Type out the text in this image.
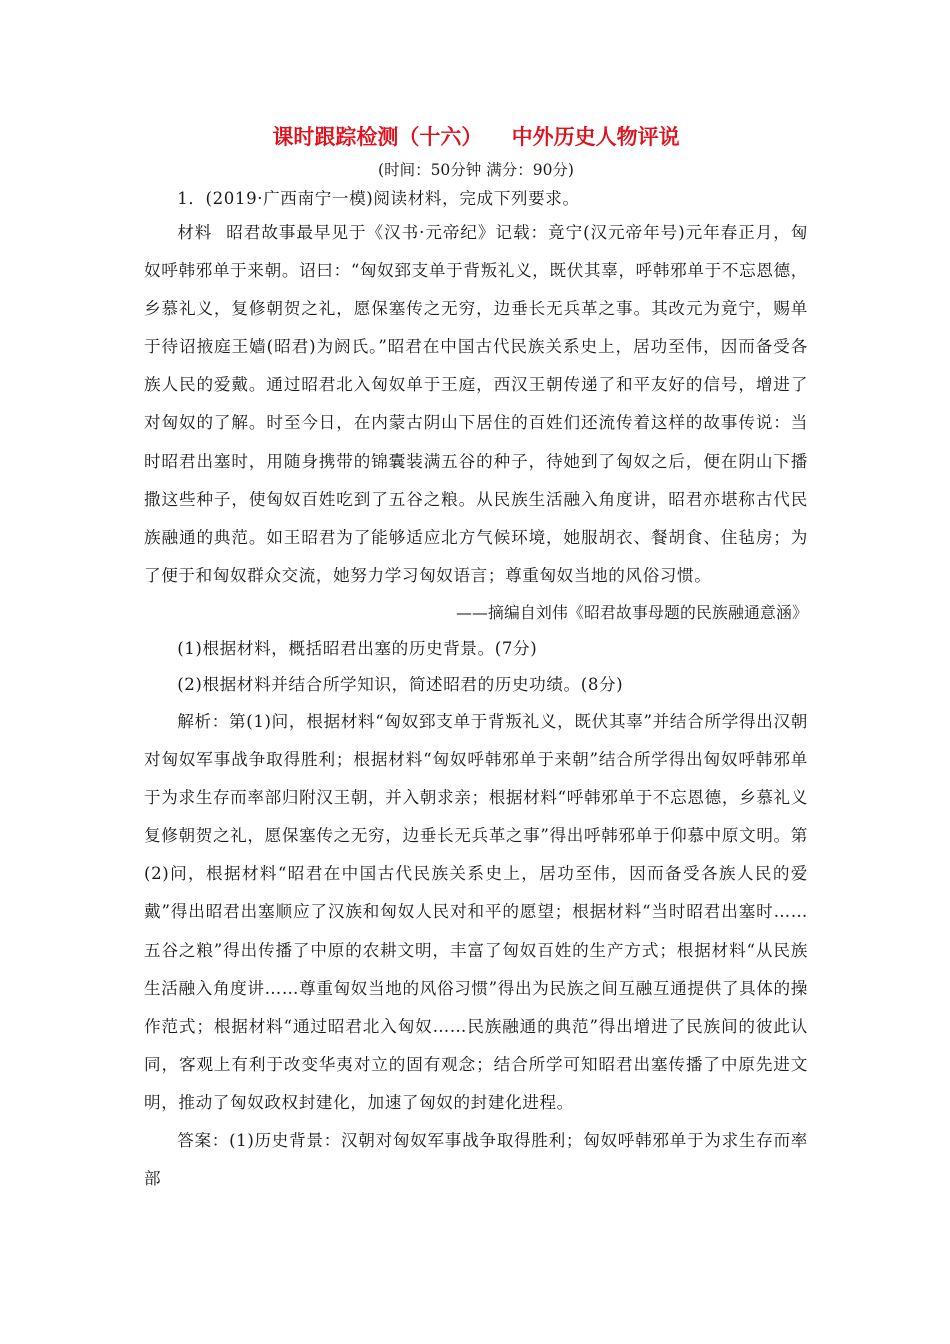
课时跟踪检测（十六）    中外历史人物评说

(时间：50分钟 满分：90分)

1．(2019·广西南宁一模)阅读材料，完成下列要求。

材料 昭君故事最早见于《汉书·元帝纪》记载：竟宁(汉元帝年号)元年春正月，匈奴呼韩邪单于来朝。诏曰：“匈奴郅支单于背叛礼义，既伏其辜，呼韩邪单于不忘恩德，乡慕礼义，复修朝贺之礼，愿保塞传之无穷，边垂长无兵革之事。其改元为竟宁，赐单于待诏掖庭王嫱(昭君)为阏氏。”昭君在中国古代民族关系史上，居功至伟，因而备受各族人民的爱戴。通过昭君北入匈奴单于王庭，西汉王朝传递了和平友好的信号，增进了对匈奴的了解。时至今日，在内蒙古阴山下居住的百姓们还流传着这样的故事传说：当时昭君出塞时，用随身携带的锦囊装满五谷的种子，待她到了匈奴之后，便在阴山下播撒这些种子，使匈奴百姓吃到了五谷之粮。从民族生活融入角度讲，昭君亦堪称古代民族融通的典范。如王昭君为了能够适应北方气候环境，她服胡衣、餐胡食、住毡房；为了便于和匈奴群众交流，她努力学习匈奴语言；尊重匈奴当地的风俗习惯。

——摘编自刘伟《昭君故事母题的民族融通意涵》

(1)根据材料，概括昭君出塞的历史背景。(7分)

(2)根据材料并结合所学知识，简述昭君的历史功绩。(8分)

解析：第(1)问，根据材料“匈奴郅支单于背叛礼义，既伏其辜”并结合所学得出汉朝对匈奴军事战争取得胜利；根据材料“匈奴呼韩邪单于来朝”结合所学得出匈奴呼韩邪单于为求生存而率部归附汉王朝，并入朝求亲；根据材料“呼韩邪单于不忘恩德，乡慕礼义复修朝贺之礼，愿保塞传之无穷，边垂长无兵革之事”得出呼韩邪单于仰慕中原文明。第(2)问，根据材料“昭君在中国古代民族关系史上，居功至伟，因而备受各族人民的爱戴”得出昭君出塞顺应了汉族和匈奴人民对和平的愿望；根据材料“当时昭君出塞时……五谷之粮”得出传播了中原的农耕文明，丰富了匈奴百姓的生产方式；根据材料“从民族生活融入角度讲……尊重匈奴当地的风俗习惯”得出为民族之间互融互通提供了具体的操作范式；根据材料“通过昭君北入匈奴……民族融通的典范”得出增进了民族间的彼此认同，客观上有利于改变华夷对立的固有观念；结合所学可知昭君出塞传播了中原先进文明，推动了匈奴政权封建化，加速了匈奴的封建化进程。

答案：(1)历史背景：汉朝对匈奴军事战争取得胜利；匈奴呼韩邪单于为求生存而率部
